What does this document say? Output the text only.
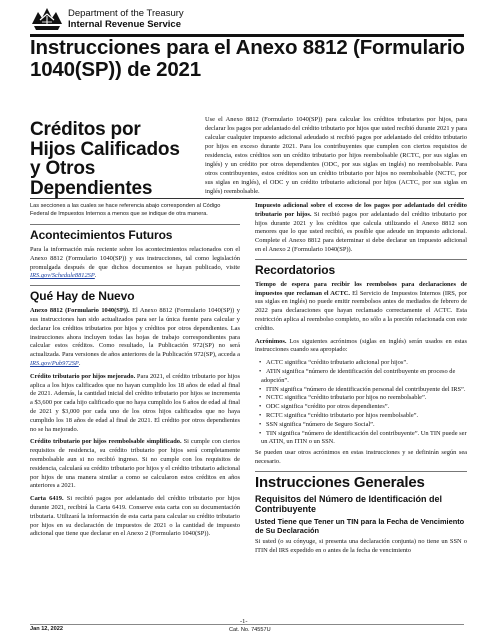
Department of the Treasury
Internal Revenue Service
Instrucciones para el Anexo 8812 (Formulario 1040(SP)) de 2021
Créditos por Hijos Calificados y Otros Dependientes
Use el Anexo 8812 (Formulario 1040(SP)) para calcular los créditos tributarios por hijos, para declarar los pagos por adelantado del crédito tributario por hijos que usted recibió durante 2021 y para calcular cualquier impuesto adicional adeudado si recibió pagos por adelantado del crédito tributario por hijos en exceso durante 2021. Para los contribuyentes que cumplen con ciertos requisitos de residencia, estos créditos son un crédito tributario por hijos reembolsable (RCTC, por sus siglas en inglés) y un crédito por otros dependientes (ODC, por sus siglas en inglés) no reembolsable. Para otros contribuyentes, estos créditos son un crédito tributario por hijos no reembolsable (NCTC, por sus siglas en inglés), el ODC y un crédito tributario adicional por hijos (ACTC, por sus siglas en inglés) reembolsable.

Las secciones a las cuales se hace referencia abajo corresponden al Código Federal de Impuestos Internos a menos que se indique de otra manera.

Acontecimientos Futuros

Para la información más reciente sobre los acontecimientos relacionados con el Anexo 8812 (Formulario 1040(SP)) y sus instrucciones, tal como legislación promulgada después de que dichos documentos se hayan publicado, visite IRS.gov/Schedule8812SP.

Qué Hay de Nuevo

Anexo 8812 (Formulario 1040(SP)). El Anexo 8812 (Formulario 1040(SP)) y sus instrucciones han sido actualizados para ser la única fuente para calcular y declarar los créditos tributarios por hijos y créditos por otros dependientes. Las instrucciones ahora incluyen todas las hojas de trabajo correspondientes para calcular estos créditos. Como resultado, la Publicación 972(SP) no será actualizada. Para versiones de años anteriores de la Publicación 972(SP), acceda a IRS.gov/Pub972SP.

Crédito tributario por hijos mejorado. Para 2021, el crédito tributario por hijos aplica a los hijos calificados que no hayan cumplido los 18 años de edad al final de 2021. Además, la cantidad inicial del crédito tributario por hijos se incrementa a $3,600 por cada hijo calificado que no haya cumplido los 6 años de edad al final de 2021 y $3,000 por cada uno de los otros hijos calificados que no haya cumplido los 18 años de edad al final de 2021. El crédito por otros dependientes no se ha mejorado.

Crédito tributario por hijos reembolsable simplificado. Si cumple con ciertos requisitos de residencia, su crédito tributario por hijos será completamente reembolsable aun si no recibió ingreso. Si no cumple con los requisitos de residencia, calculará su crédito tributario por hijos y el crédito tributario adicional por hijos de una manera similar a como se calcularon estos créditos en años anteriores a 2021.

Carta 6419. Si recibió pagos por adelantado del crédito tributario por hijos durante 2021, recibirá la Carta 6419. Conserve esta carta con su documentación tributaria. Utilizará la información de esta carta para calcular su crédito tributario por hijos en su declaración de impuestos de 2021 o la cantidad de impuesto adicional que tiene que declarar en el Anexo 2 (Formulario 1040(SP)).

Impuesto adicional sobre el exceso de los pagos por adelantado del crédito tributario por hijos. Si recibió pagos por adelantado del crédito tributario por hijos durante 2021 y los créditos que calcula utilizando el Anexo 8812 son menores que lo que usted recibió, es posible que adeude un impuesto adicional. Complete el Anexo 8812 para determinar si debe declarar un impuesto adicional en el Anexo 2 (Formulario 1040(SP)).

Recordatorios

Tiempo de espera para recibir los reembolsos para declaraciones de impuestos que reclaman el ACTC. El Servicio de Impuestos Internos (IRS, por sus siglas en inglés) no puede emitir reembolsos antes de mediados de febrero de 2022 para declaraciones que hayan reclamado correctamente el ACTC. Esta restricción aplica al reembolso completo, no sólo a la porción relacionada con este crédito.

Acrónimos. Los siguientes acrónimos (siglas en inglés) serán usados en estas instrucciones cuando sea apropiado:

• ACTC significa “crédito tributario adicional por hijos”.
• ATIN significa “número de identificación del contribuyente en proceso de adopción”.
• ITIN significa “número de identificación personal del contribuyente del IRS”.
• NCTC significa “crédito tributario por hijos no reembolsable”.
• ODC significa “crédito por otros dependientes”.
• RCTC significa “crédito tributario por hijos reembolsable”.
• SSN significa “número de Seguro Social”.
• TIN significa “número de identificación del contribuyente”. Un TIN puede ser un ATIN, un ITIN o un SSN.

Se pueden usar otros acrónimos en estas instrucciones y se definirán según sea necesario.

Instrucciones Generales
Requisitos del Número de Identificación del Contribuyente
Usted Tiene que Tener un TIN para la Fecha de Vencimiento de Su Declaración

Si usted (o su cónyuge, si presenta una declaración conjunta) no tiene un SSN o ITIN del IRS expedido en o antes de la fecha de vencimiento

Jan 12, 2022
-1-
Cat. No. 74557U
